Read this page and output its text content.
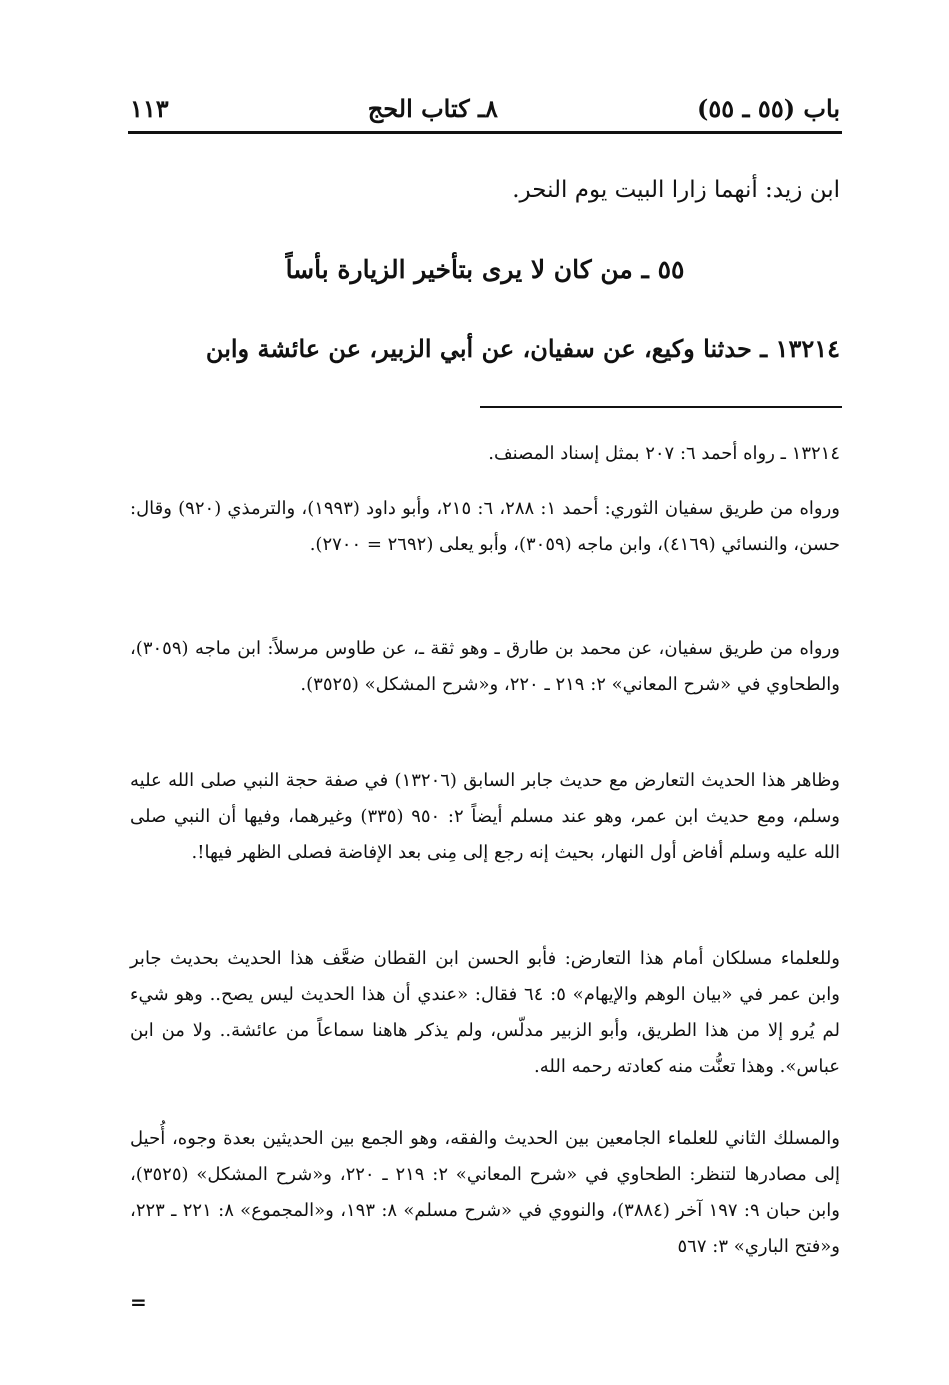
باب (٥٥ ـ ٥٥)
٨ـ كتاب الحج
١١٣
ابن زيد: أنهما زارا البيت يوم النحر.
٥٥ ـ من كان لا يرى بتأخير الزيارة بأساً
١٣٢١٤ ـ حدثنا وكيع، عن سفيان، عن أبي الزبير، عن عائشة وابن
١٣٢١٤ ـ رواه أحمد ٦: ٢٠٧ بمثل إسناد المصنف.
ورواه من طريق سفيان الثوري: أحمد ١: ٢٨٨، ٦: ٢١٥، وأبو داود (١٩٩٣)، والترمذي (٩٢٠) وقال: حسن، والنسائي (٤١٦٩)، وابن ماجه (٣٠٥٩)، وأبو يعلى (٢٦٩٢ = ٢٧٠٠).
ورواه من طريق سفيان، عن محمد بن طارق ـ وهو ثقة ـ، عن طاوس مرسلاً: ابن ماجه (٣٠٥٩)، والطحاوي في «شرح المعاني» ٢: ٢١٩ ـ ٢٢٠، و«شرح المشكل» (٣٥٢٥).
وظاهر هذا الحديث التعارض مع حديث جابر السابق (١٣٢٠٦) في صفة حجة النبي صلى الله عليه وسلم، ومع حديث ابن عمر، وهو عند مسلم أيضاً ٢: ٩٥٠ (٣٣٥) وغيرهما، وفيها أن النبي صلى الله عليه وسلم أفاض أول النهار، بحيث إنه رجع إلى مِنى بعد الإفاضة فصلى الظهر فيها!.
وللعلماء مسلكان أمام هذا التعارض: فأبو الحسن ابن القطان ضعَّف هذا الحديث بحديث جابر وابن عمر في «بيان الوهم والإيهام» ٥: ٦٤ فقال: «عندي أن هذا الحديث ليس يصح.. وهو شيء لم يُرو إلا من هذا الطريق، وأبو الزبير مدلّس، ولم يذكر هاهنا سماعاً من عائشة.. ولا من ابن عباس». وهذا تعنُّت منه كعادته رحمه الله.
والمسلك الثاني للعلماء الجامعين بين الحديث والفقه، وهو الجمع بين الحديثين بعدة وجوه، أُحيل إلى مصادرها لتنظر: الطحاوي في «شرح المعاني» ٢: ٢١٩ ـ ٢٢٠، و«شرح المشكل» (٣٥٢٥)، وابن حبان ٩: ١٩٧ آخر (٣٨٨٤)، والنووي في «شرح مسلم» ٨: ١٩٣، و«المجموع» ٨: ٢٢١ ـ ٢٢٣، و«فتح الباري» ٣: ٥٦٧
=
